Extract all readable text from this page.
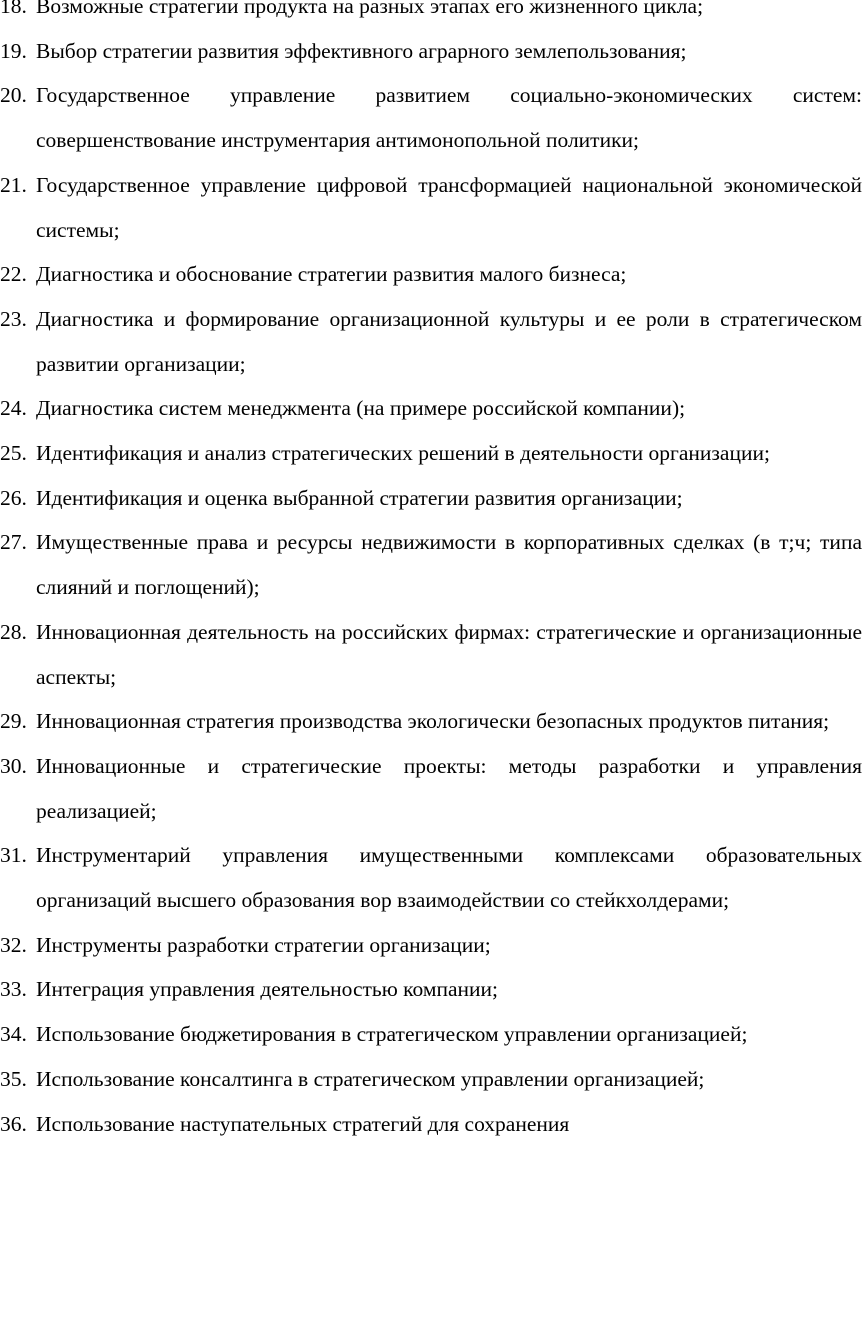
18. Возможные стратегии продукта на разных этапах его жизненного цикла;
19. Выбор стратегии развития эффективного аграрного землепользования;
20. Государственное управление развитием социально-экономических систем: совершенствование инструментария антимонопольной политики;
21. Государственное управление цифровой трансформацией национальной экономической системы;
22. Диагностика и обоснование стратегии развития малого бизнеса;
23. Диагностика и формирование организационной культуры и ее роли в стратегическом развитии организации;
24. Диагностика систем менеджмента (на примере российской компании);
25. Идентификация и анализ стратегических решений в деятельности организации;
26. Идентификация и оценка выбранной стратегии развития организации;
27. Имущественные права и ресурсы недвижимости в корпоративных сделках (в т;ч; типа слияний и поглощений);
28. Инновационная деятельность на российских фирмах: стратегические и организационные аспекты;
29. Инновационная стратегия производства экологически безопасных продуктов питания;
30. Инновационные и стратегические проекты: методы разработки и управления реализацией;
31. Инструментарий управления имущественными комплексами образовательных организаций высшего образования вор взаимодействии со стейкхолдерами;
32. Инструменты разработки стратегии организации;
33. Интеграция управления деятельностью компании;
34. Использование бюджетирования в стратегическом управлении организацией;
35. Использование консалтинга в стратегическом управлении организацией;
36. Использование наступательных стратегий для сохранения
